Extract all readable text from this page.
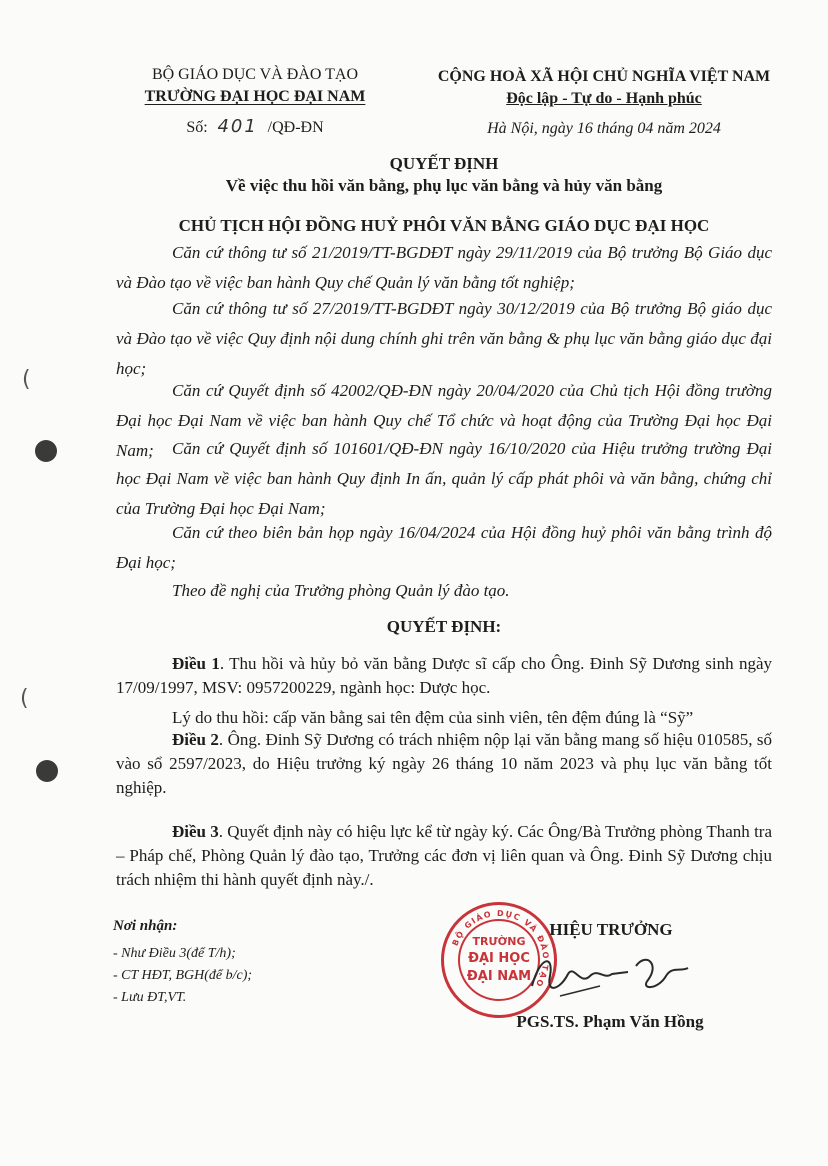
(
(
BỘ GIÁO DỤC VÀ ĐÀO TẠO
TRƯỜNG ĐẠI HỌC ĐẠI NAM
Số: 401 /QĐ-ĐN
CỘNG HOÀ XÃ HỘI CHỦ NGHĨA VIỆT NAM
Độc lập - Tự do - Hạnh phúc
Hà Nội, ngày 16 tháng 04 năm 2024
QUYẾT ĐỊNH
Về việc thu hồi văn bằng, phụ lục văn bằng và hủy văn bằng
CHỦ TỊCH HỘI ĐỒNG HUỶ PHÔI VĂN BẰNG GIÁO DỤC ĐẠI HỌC
Căn cứ thông tư số 21/2019/TT-BGDĐT ngày 29/11/2019 của Bộ trưởng Bộ Giáo dục và Đào tạo về việc ban hành Quy chế Quản lý văn bằng tốt nghiệp;
Căn cứ thông tư số 27/2019/TT-BGDĐT ngày 30/12/2019 của Bộ trưởng Bộ giáo dục và Đào tạo về việc Quy định nội dung chính ghi trên văn bằng & phụ lục văn bằng giáo dục đại học;
Căn cứ Quyết định số 42002/QĐ-ĐN ngày 20/04/2020 của Chủ tịch Hội đồng trường Đại học Đại Nam về việc ban hành Quy chế Tổ chức và hoạt động của Trường Đại học Đại Nam;	Căn cứ Quyết định số 101601/QĐ-ĐN ngày 16/10/2020 của Hiệu trưởng trường Đại học Đại Nam về việc ban hành Quy định In ấn, quản lý cấp phát phôi và văn bằng, chứng chỉ của Trường Đại học Đại Nam;
Căn cứ theo biên bản họp ngày 16/04/2024 của Hội đồng huỷ phôi văn bằng trình độ Đại học;
Theo đề nghị của Trưởng phòng Quản lý đào tạo.
QUYẾT ĐỊNH:
Điều 1. Thu hồi và hủy bỏ văn bằng Dược sĩ cấp cho Ông. Đinh Sỹ Dương sinh ngày 17/09/1997, MSV: 0957200229, ngành học: Dược học.
Lý do thu hồi: cấp văn bằng sai tên đệm của sinh viên, tên đệm đúng là “Sỹ”
Điều 2. Ông. Đinh Sỹ Dương có trách nhiệm nộp lại văn bằng mang số hiệu 010585, số vào sổ 2597/2023, do Hiệu trưởng ký ngày 26 tháng 10 năm 2023 và phụ lục văn bằng tốt nghiệp.
Điều 3. Quyết định này có hiệu lực kể từ ngày ký. Các Ông/Bà Trưởng phòng Thanh tra – Pháp chế, Phòng Quản lý đào tạo, Trưởng các đơn vị liên quan và Ông. Đinh Sỹ Dương chịu trách nhiệm thi hành quyết định này./.
Nơi nhận:
- Như Điều 3(để T/h);
- CT HĐT, BGH(để b/c);
- Lưu ĐT,VT.
BỘ GIÁO DỤC VÀ ĐÀO TẠO
TRƯỜNG
ĐẠI HỌC
ĐẠI NAM
HIỆU TRƯỞNG
PGS.TS. Phạm Văn Hồng
